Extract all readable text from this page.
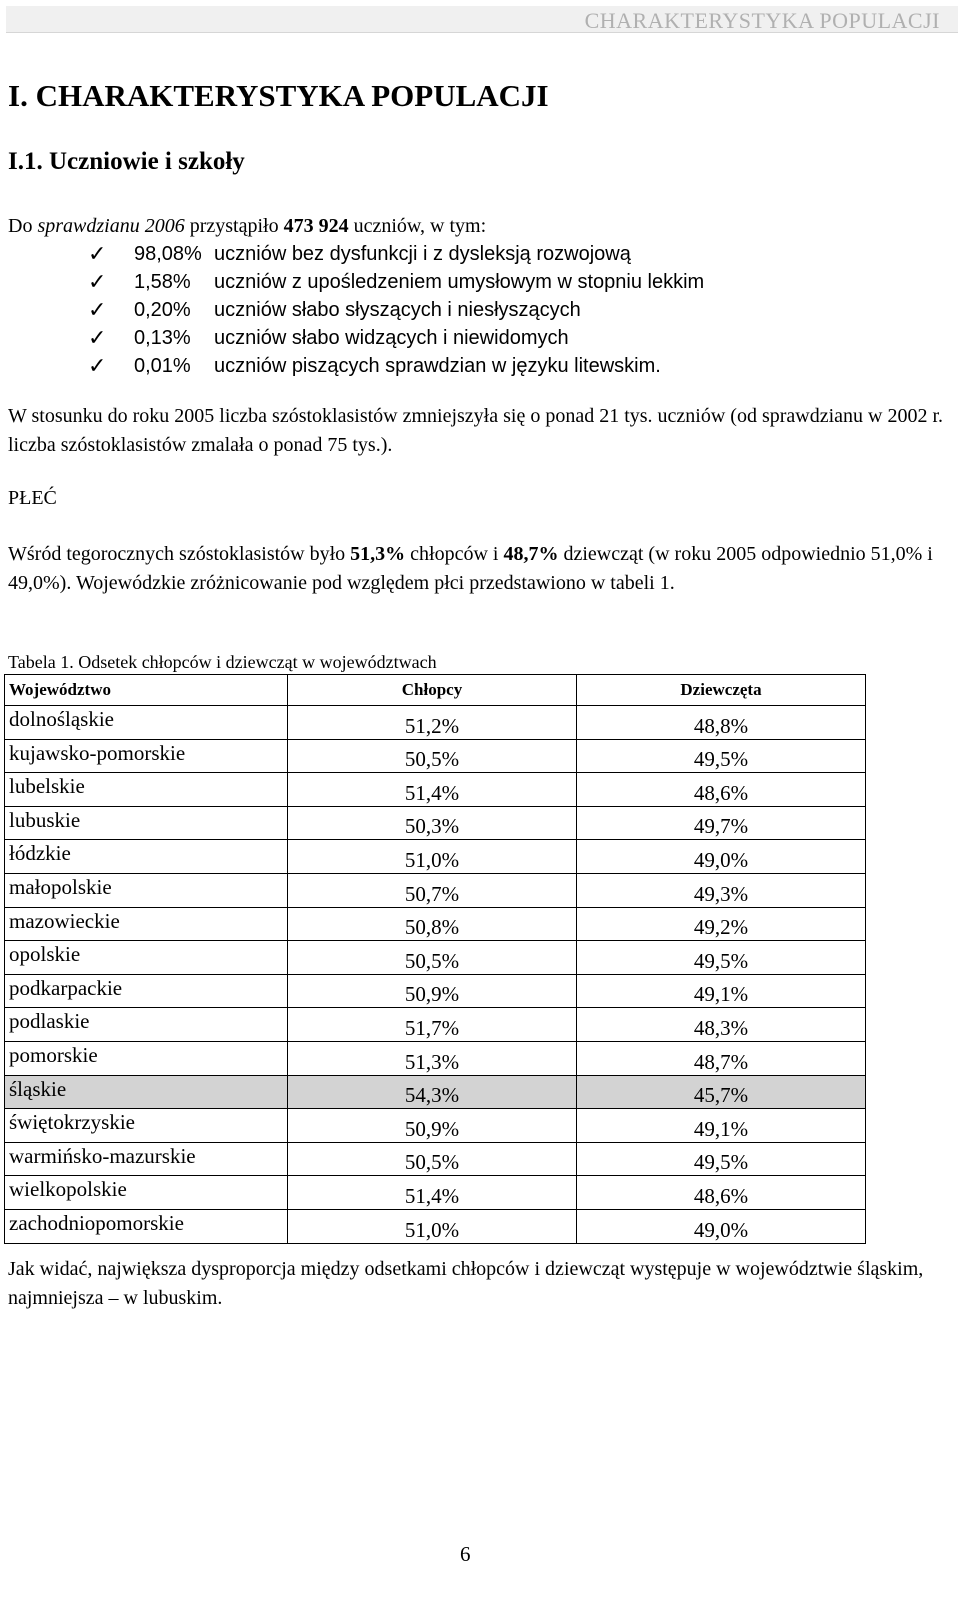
CHARAKTERYSTYKA POPULACJI
I. CHARAKTERYSTYKA POPULACJI
I.1. Uczniowie i szkoły

Do sprawdzianu 2006 przystąpiło 473 924 uczniów, w tym:

✓ 98,08% uczniów bez dysfunkcji i z dysleksją rozwojową
✓ 1,58% uczniów z upośledzeniem umysłowym w stopniu lekkim
✓ 0,20% uczniów słabo słyszących i niesłyszących
✓ 0,13% uczniów słabo widzących i niewidomych
✓ 0,01% uczniów piszących sprawdzian w języku litewskim.

W stosunku do roku 2005 liczba szóstoklasistów zmniejszyła się o ponad 21 tys. uczniów (od sprawdzianu w 2002 r. liczba szóstoklasistów zmalała o ponad 75 tys.).

PŁEĆ

Wśród tegorocznych szóstoklasistów było 51,3% chłopców i 48,7% dziewcząt (w roku 2005 odpowiednio 51,0% i 49,0%). Wojewódzkie zróżnicowanie pod względem płci przedstawiono w tabeli 1.

Tabela 1. Odsetek chłopców i dziewcząt w województwach
Województwo	Chłopcy	Dziewczęta
dolnośląskie	51,2%	48,8%
kujawsko-pomorskie	50,5%	49,5%
lubelskie	51,4%	48,6%
lubuskie	50,3%	49,7%
łódzkie	51,0%	49,0%
małopolskie	50,7%	49,3%
mazowieckie	50,8%	49,2%
opolskie	50,5%	49,5%
podkarpackie	50,9%	49,1%
podlaskie	51,7%	48,3%
pomorskie	51,3%	48,7%
śląskie	54,3%	45,7%
świętokrzyskie	50,9%	49,1%
warmińsko-mazurskie	50,5%	49,5%
wielkopolskie	51,4%	48,6%
zachodniopomorskie	51,0%	49,0%

Jak widać, największa dysproporcja między odsetkami chłopców i dziewcząt występuje w województwie śląskim, najmniejsza – w lubuskim.

6
